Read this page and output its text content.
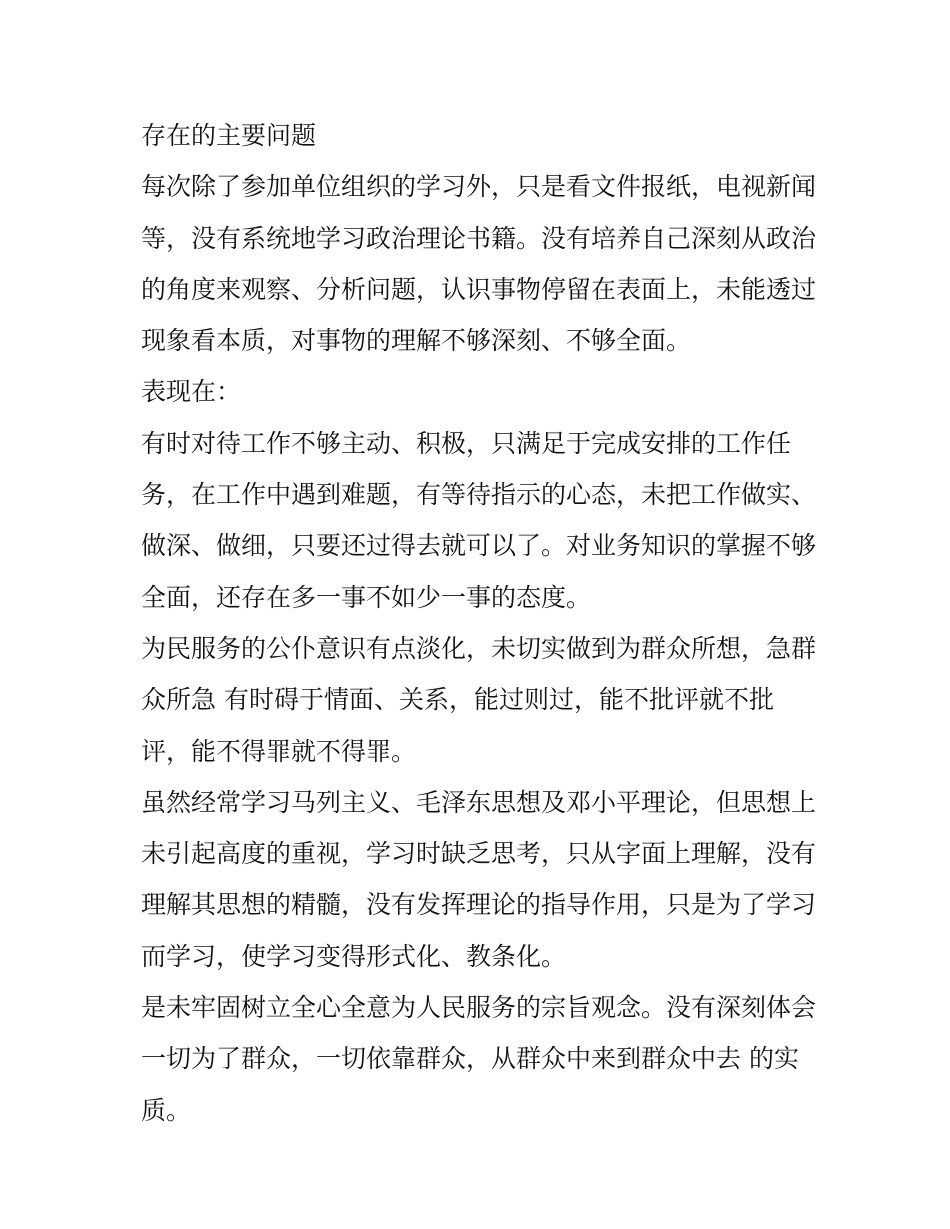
存在的主要问题
每次除了参加单位组织的学习外，只是看文件报纸，电视新闻
等，没有系统地学习政治理论书籍。没有培养自己深刻从政治
的角度来观察、分析问题，认识事物停留在表面上，未能透过
现象看本质，对事物的理解不够深刻、不够全面。
表现在：
有时对待工作不够主动、积极，只满足于完成安排的工作任
务，在工作中遇到难题，有等待指示的心态，未把工作做实、
做深、做细，只要还过得去就可以了。对业务知识的掌握不够
全面，还存在多一事不如少一事的态度。
为民服务的公仆意识有点淡化，未切实做到为群众所想，急群
众所急 有时碍于情面、关系，能过则过，能不批评就不批
评，能不得罪就不得罪。
虽然经常学习马列主义、毛泽东思想及邓小平理论，但思想上
未引起高度的重视，学习时缺乏思考，只从字面上理解，没有
理解其思想的精髓，没有发挥理论的指导作用，只是为了学习
而学习，使学习变得形式化、教条化。
是未牢固树立全心全意为人民服务的宗旨观念。没有深刻体会
一切为了群众，一切依靠群众，从群众中来到群众中去 的实
质。
